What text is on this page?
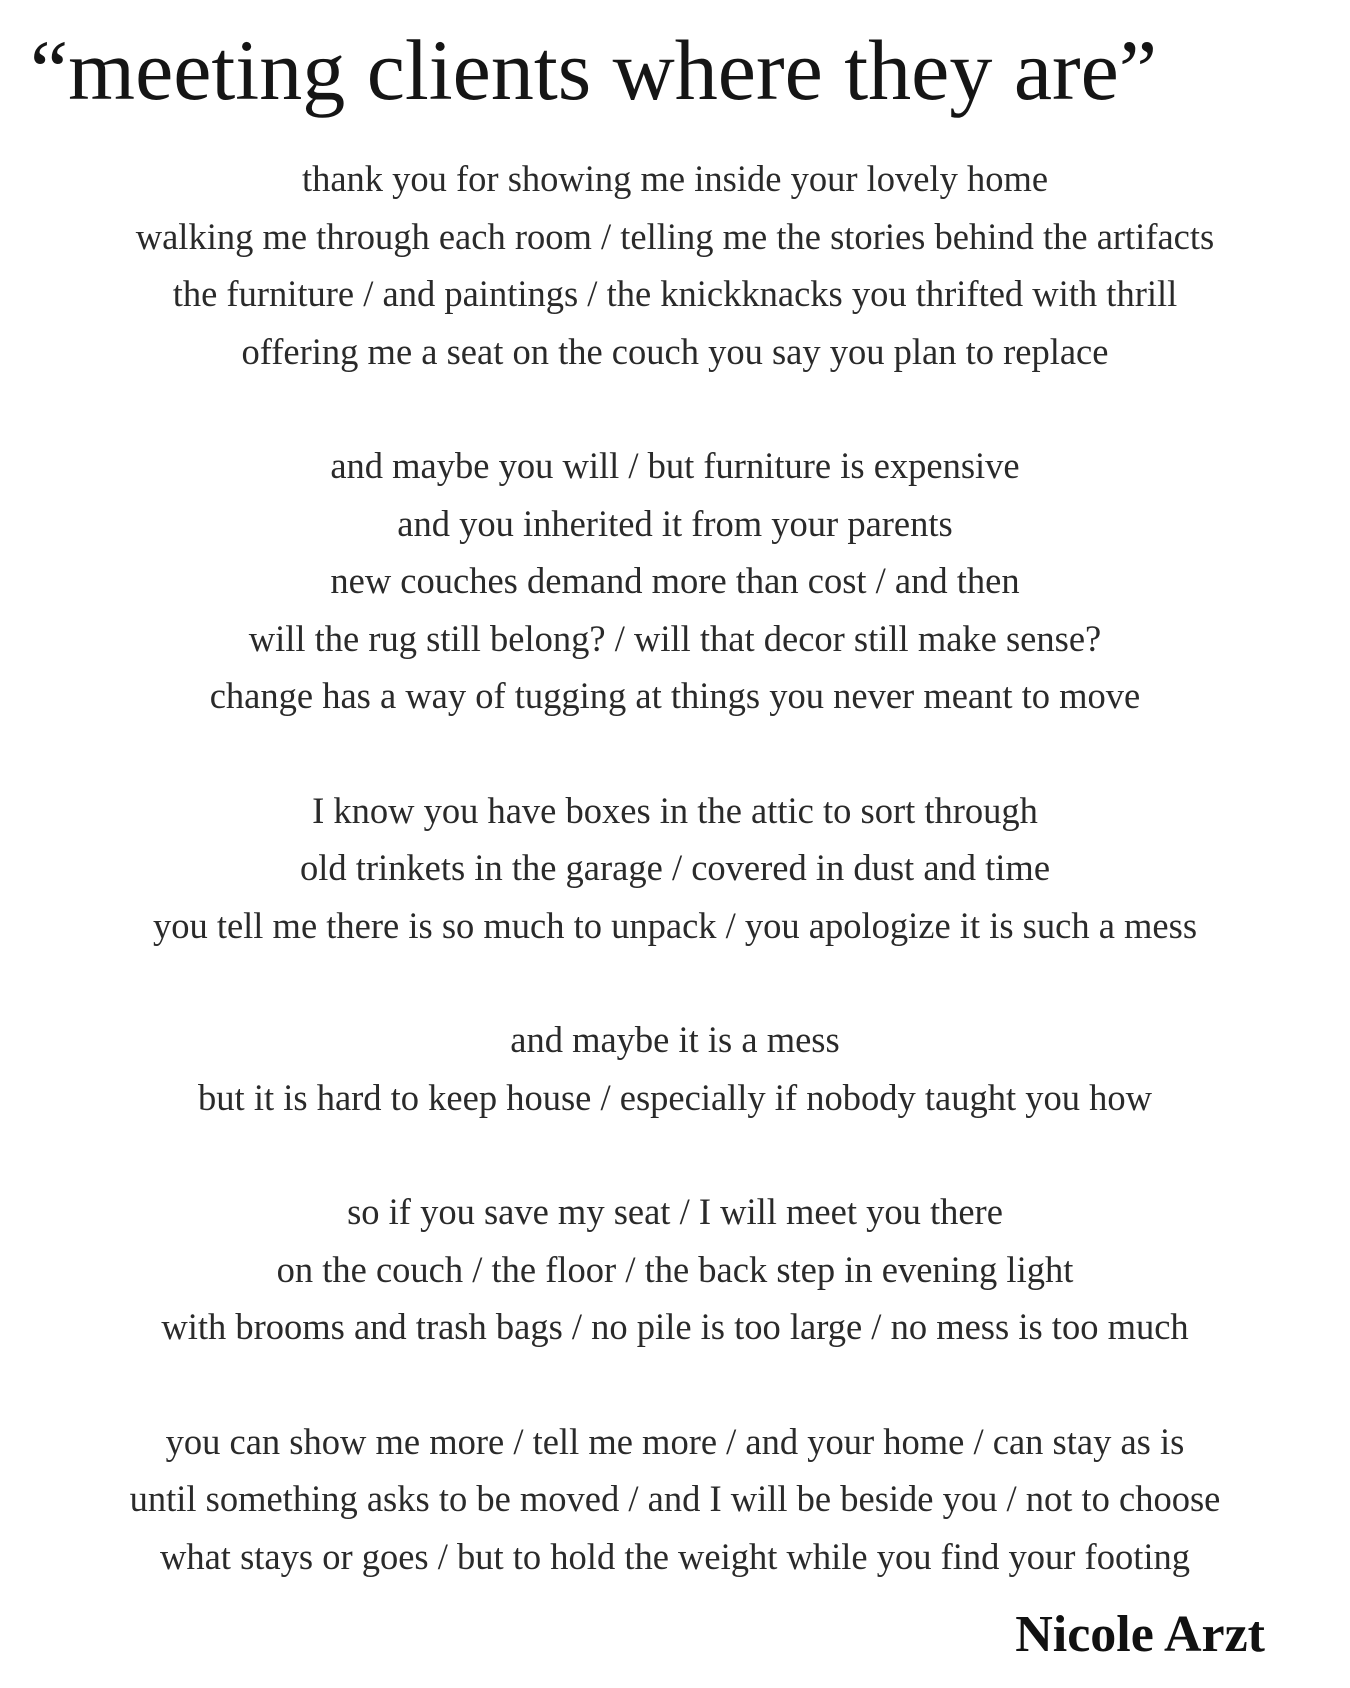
“meeting clients where they are”
thank you for showing me inside your lovely home
walking me through each room / telling me the stories behind the artifacts
the furniture / and paintings / the knickknacks you thrifted with thrill
offering me a seat on the couch you say you plan to replace
and maybe you will / but furniture is expensive
and you inherited it from your parents
new couches demand more than cost / and then
will the rug still belong? / will that decor still make sense?
change has a way of tugging at things you never meant to move
I know you have boxes in the attic to sort through
old trinkets in the garage / covered in dust and time
you tell me there is so much to unpack / you apologize it is such a mess
and maybe it is a mess
but it is hard to keep house / especially if nobody taught you how
so if you save my seat / I will meet you there
on the couch / the floor / the back step in evening light
with brooms and trash bags / no pile is too large / no mess is too much
you can show me more / tell me more / and your home / can stay as is
until something asks to be moved / and I will be beside you / not to choose
what stays or goes / but to hold the weight while you find your footing
Nicole Arzt
